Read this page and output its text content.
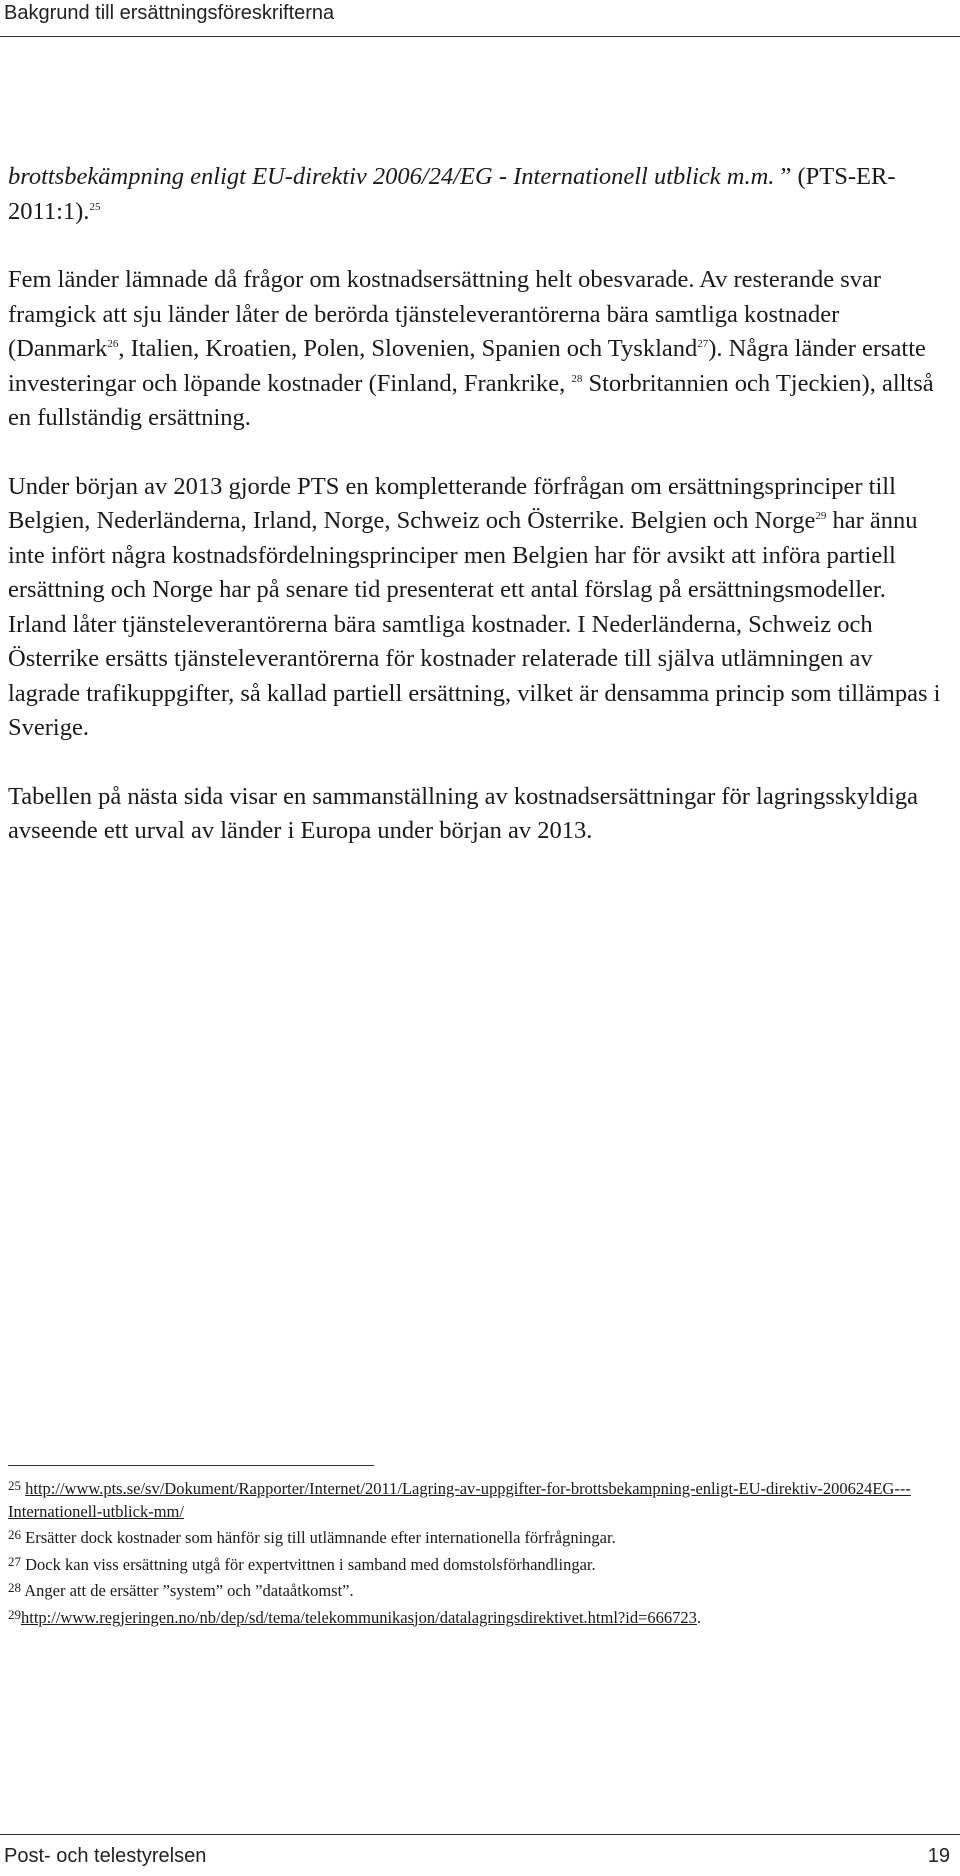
Bakgrund till ersättningsföreskrifterna

brottsbekämpning enligt EU-direktiv 2006/24/EG - Internationell utblick m.m. ” (PTS-ER-2011:1).$^{25}$

Fem länder lämnade då frågor om kostnadsersättning helt obesvarade. Av resterande svar framgick att sju länder låter de berörda tjänsteleverantörerna bära samtliga kostnader (Danmark$^{26}$, Italien, Kroatien, Polen, Slovenien, Spanien och Tyskland$^{27}$). Några länder ersatte investeringar och löpande kostnader (Finland, Frankrike, $^{28}$ Storbritannien och Tjeckien), alltså en fullständig ersättning.

Under början av 2013 gjorde PTS en kompletterande förfrågan om ersättningsprinciper till Belgien, Nederländerna, Irland, Norge, Schweiz och Österrike. Belgien och Norge$^{29}$ har ännu inte infört några kostnadsfördelningsprinciper men Belgien har för avsikt att införa partiell ersättning och Norge har på senare tid presenterat ett antal förslag på ersättningsmodeller. Irland låter tjänsteleverantörerna bära samtliga kostnader. I Nederländerna, Schweiz och Österrike ersätts tjänsteleverantörerna för kostnader relaterade till själva utlämningen av lagrade trafikuppgifter, så kallad partiell ersättning, vilket är densamma princip som tillämpas i Sverige.

Tabellen på nästa sida visar en sammanställning av kostnadsersättningar för lagringsskyldiga avseende ett urval av länder i Europa under början av 2013.

$^{25}$ http://www.pts.se/sv/Dokument/Rapporter/Internet/2011/Lagring-av-uppgifter-for-brottsbekampning-enligt-EU-direktiv-200624EG---Internationell-utblick-mm/
$^{26}$ Ersätter dock kostnader som hänför sig till utlämnande efter internationella förfrågningar.
$^{27}$ Dock kan viss ersättning utgå för expertvittnen i samband med domstolsförhandlingar.
$^{28}$ Anger att de ersätter ”system” och ”dataåtkomst”.
$^{29}$http://www.regjeringen.no/nb/dep/sd/tema/telekommunikasjon/datalagringsdirektivet.html?id=666723.
Post- och telestyrelsen	19
